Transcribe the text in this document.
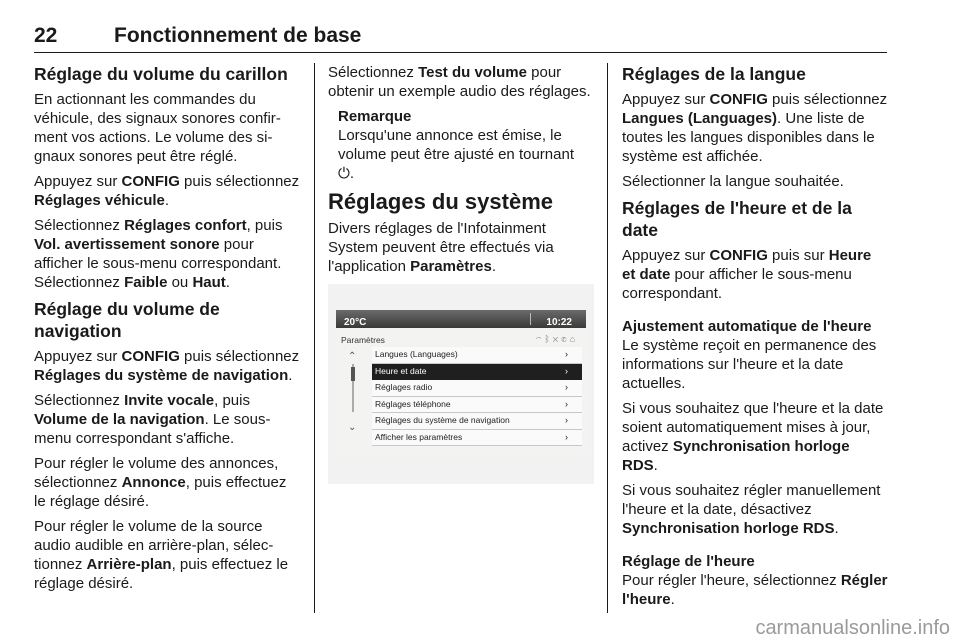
22	Fonctionnement de base
Réglage du volume du carillon

En actionnant les commandes du véhicule, des signaux sonores confirment vos actions. Le volume des signaux sonores peut être réglé.

Appuyez sur CONFIG puis sélectionnez Réglages véhicule.

Sélectionnez Réglages confort, puis Vol. avertissement sonore pour afficher le sous-menu correspondant. Sélectionnez Faible ou Haut.

Réglage du volume de navigation

Appuyez sur CONFIG puis sélectionnez Réglages du système de navigation.

Sélectionnez Invite vocale, puis Volume de la navigation. Le sous-menu correspondant s'affiche.

Pour régler le volume des annonces, sélectionnez Annonce, puis effectuez le réglage désiré.

Pour régler le volume de la source audio audible en arrière-plan, sélectionnez Arrière-plan, puis effectuez le réglage désiré.

Sélectionnez Test du volume pour obtenir un exemple audio des réglages.

Remarque
Lorsqu'une annonce est émise, le volume peut être ajusté en tournant ⏻.
Réglages du système

Divers réglages de l'Infotainment System peuvent être effectués via l'application Paramètres.

20°C	10:22
Paramètres	◠ᛒ✕✆⌂
⌃
⌄
Langues (Languages)	›
Heure et date	›
Réglages radio	›
Réglages téléphone	›
Réglages du système de navigation	›
Afficher les paramètres	›
Réglages de la langue

Appuyez sur CONFIG puis sélectionnez Langues (Languages). Une liste de toutes les langues disponibles dans le système est affichée.

Sélectionner la langue souhaitée.

Réglages de l'heure et de la date

Appuyez sur CONFIG puis sur Heure et date pour afficher le sous-menu correspondant.

Ajustement automatique de l'heure

Le système reçoit en permanence des informations sur l'heure et la date actuelles.

Si vous souhaitez que l'heure et la date soient automatiquement mises à jour, activez Synchronisation horloge RDS.

Si vous souhaitez régler manuellement l'heure et la date, désactivez Synchronisation horloge RDS.

Réglage de l'heure

Pour régler l'heure, sélectionnez Régler l'heure.

carmanualsonline.info
